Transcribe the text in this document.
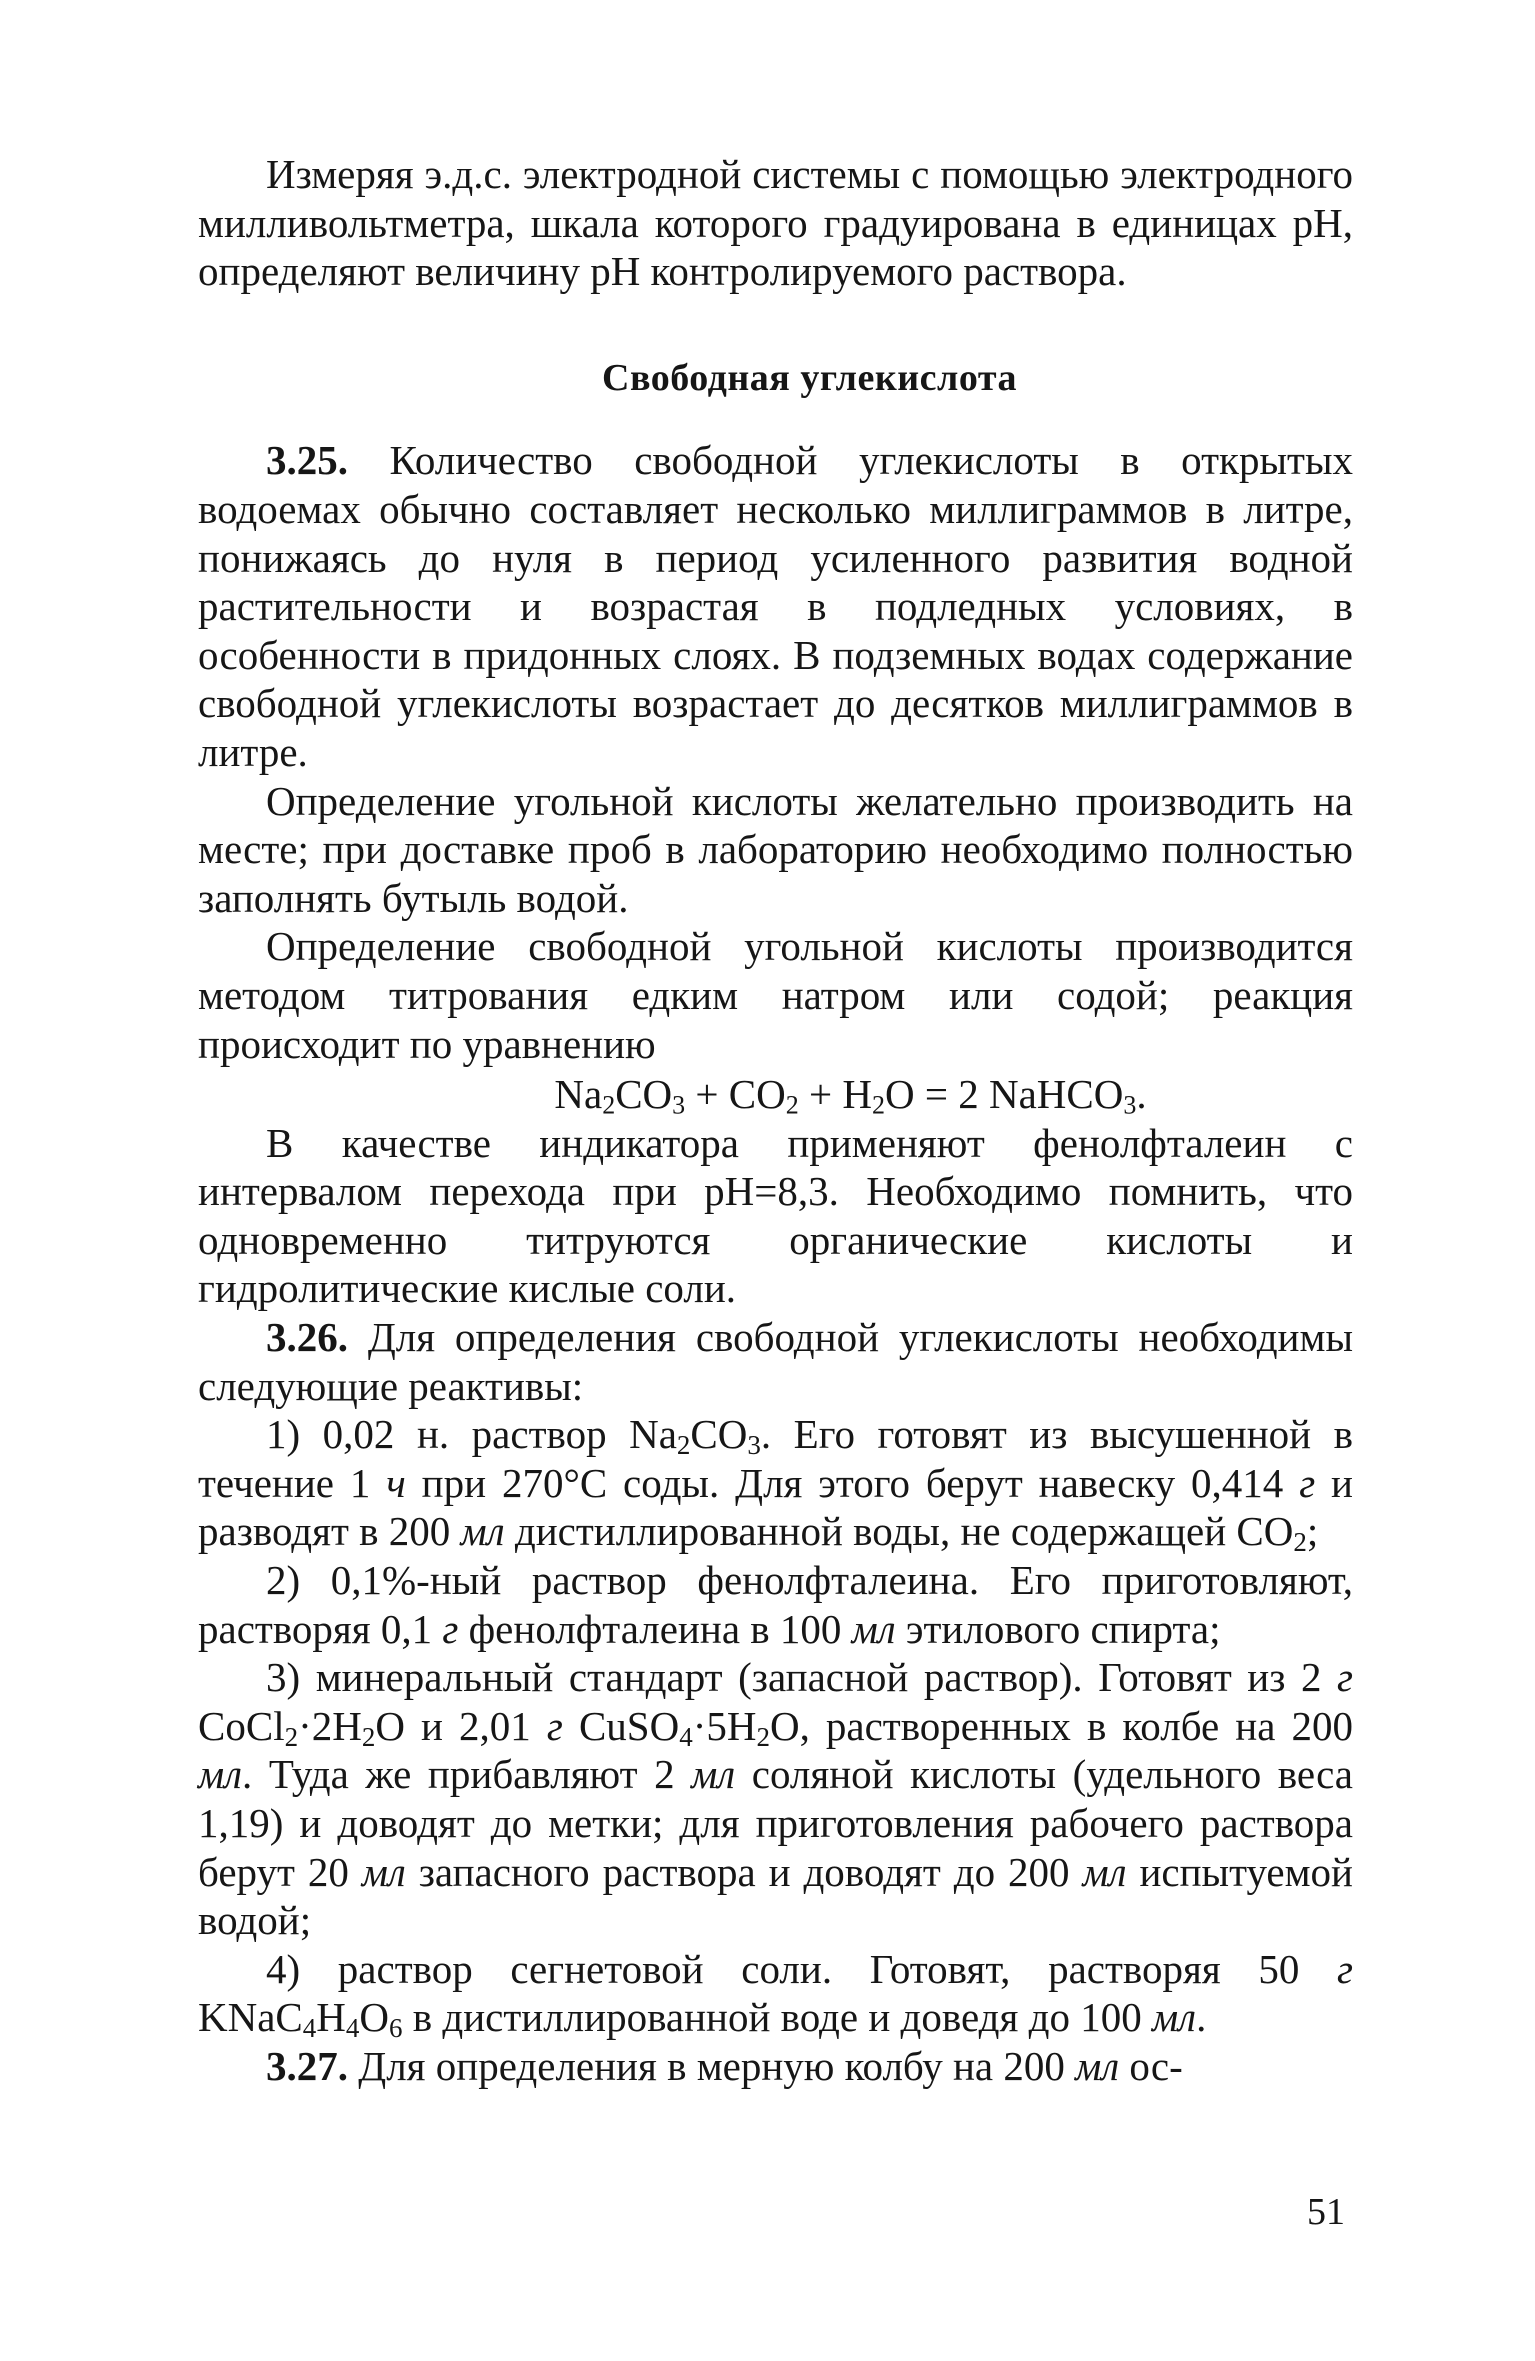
Измеряя э.д.с. электродной системы с помощью электродного милливольтметра, шкала которого градуирована в единицах pH, определяют величину pH контролируемого раствора.

Свободная углекислота

3.25. Количество свободной углекислоты в открытых водоемах обычно составляет несколько миллиграммов в литре, понижаясь до нуля в период усиленного развития водной растительности и возрастая в подледных условиях, в особенности в придонных слоях. В подземных водах содержание свободной углекислоты возрастает до десятков миллиграммов в литре.

Определение угольной кислоты желательно производить на месте; при доставке проб в лабораторию необходимо полностью заполнять бутыль водой.

Определение свободной угольной кислоты производится методом титрования едким натром или содой; реакция происходит по уравнению

$Na_2CO_3 + CO_2 + H_2O = 2$ NaHCO$_3$.

В качестве индикатора применяют фенолфталеин с интервалом перехода при pH=8,3. Необходимо помнить, что одновременно титруются органические кислоты и гидролитические кислые соли.

3.26. Для определения свободной углекислоты необходимы следующие реактивы:

1) 0,02 н. раствор $Na_2CO_3$. Его готовят из высушенной в течение 1 ч при 270°С соды. Для этого берут навеску 0,414 г и разводят в 200 мл дистиллированной воды, не содержащей $CO_2$;

2) 0,1%-ный раствор фенолфталеина. Его приготовляют, растворяя 0,1 г фенолфталеина в 100 мл этилового спирта;

3) минеральный стандарт (запасной раствор). Готовят из 2 г $CoCl_2\cdot 2H_2O$ и 2,01 г $CuSO_4\cdot 5H_2O$, растворенных в колбе на 200 мл. Туда же прибавляют 2 мл соляной кислоты (удельного веса 1,19) и доводят до метки; для приготовления рабочего раствора берут 20 мл запасного раствора и доводят до 200 мл испытуемой водой;

4) раствор сегнетовой соли. Готовят, растворяя 50 г $KNaC_4H_4O_6$ в дистиллированной воде и доведя до 100 мл.

3.27. Для определения в мерную колбу на 200 мл ос-

51
